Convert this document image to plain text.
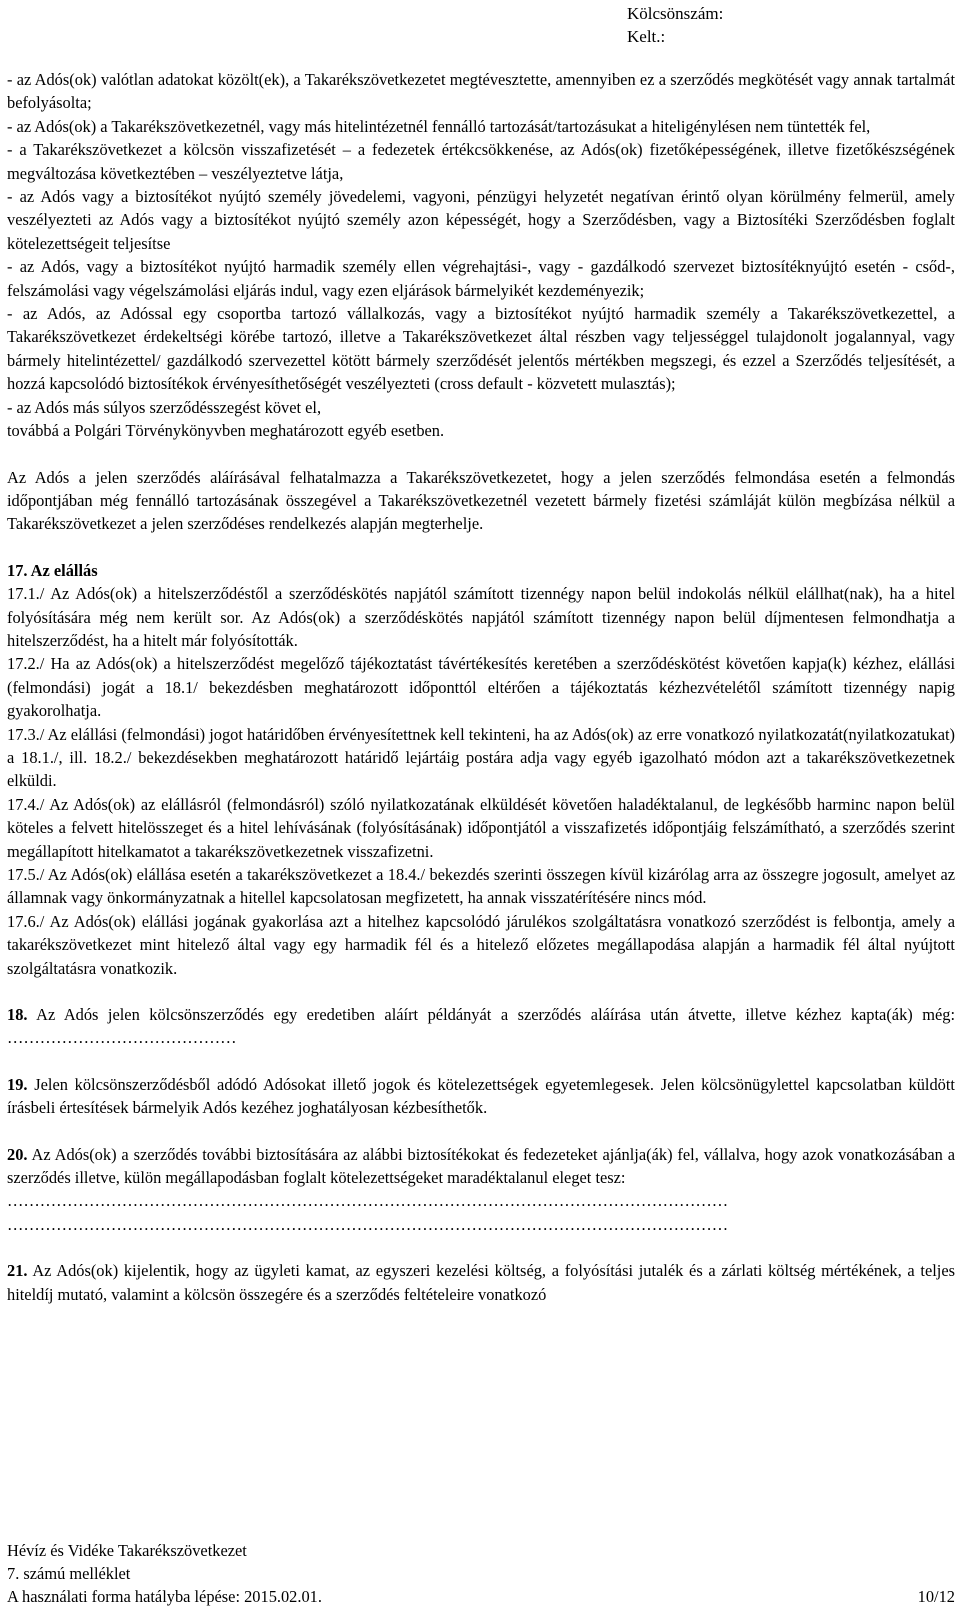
Kölcsönszám:
Kelt.:

- az Adós(ok) valótlan adatokat közölt(ek), a Takarékszövetkezetet megtévesztette, amennyiben ez a szerződés megkötését vagy annak tartalmát befolyásolta;

- az Adós(ok) a Takarékszövetkezetnél, vagy más hitelintézetnél fennálló tartozását/tartozásukat a hiteligénylésen nem tüntették fel,

- a Takarékszövetkezet a kölcsön visszafizetését – a fedezetek értékcsökkenése, az Adós(ok) fizetőképességének, illetve fizetőkészségének megváltozása következtében – veszélyeztetve látja,

- az Adós vagy a biztosítékot nyújtó személy jövedelemi, vagyoni, pénzügyi helyzetét negatívan érintő olyan körülmény felmerül, amely veszélyezteti az Adós vagy a biztosítékot nyújtó személy azon képességét, hogy a Szerződésben, vagy a Biztosítéki Szerződésben foglalt kötelezettségeit teljesítse

- az Adós, vagy a biztosítékot nyújtó harmadik személy ellen végrehajtási-, vagy - gazdálkodó szervezet biztosítéknyújtó esetén - csőd-, felszámolási vagy végelszámolási eljárás indul, vagy ezen eljárások bármelyikét kezdeményezik;

- az Adós, az Adóssal egy csoportba tartozó vállalkozás, vagy a biztosítékot nyújtó harmadik személy a Takarékszövetkezettel, a Takarékszövetkezet érdekeltségi körébe tartozó, illetve a Takarékszövetkezet által részben vagy teljességgel tulajdonolt jogalannyal, vagy bármely hitelintézettel/ gazdálkodó szervezettel kötött bármely szerződését jelentős mértékben megszegi, és ezzel a Szerződés teljesítését, a hozzá kapcsolódó biztosítékok érvényesíthetőségét veszélyezteti (cross default - közvetett mulasztás);

- az Adós más súlyos szerződésszegést követ el,

továbbá a Polgári Törvénykönyvben meghatározott egyéb esetben.

Az Adós a jelen szerződés aláírásával felhatalmazza a Takarékszövetkezetet, hogy a jelen szerződés felmondása esetén a felmondás időpontjában még fennálló tartozásának összegével a Takarékszövetkezetnél vezetett bármely fizetési számláját külön megbízása nélkül a Takarékszövetkezet a jelen szerződéses rendelkezés alapján megterhelje.

17. Az elállás

17.1./ Az Adós(ok) a hitelszerződéstől a szerződéskötés napjától számított tizennégy napon belül indokolás nélkül elállhat(nak), ha a hitel folyósítására még nem került sor. Az Adós(ok) a szerződéskötés napjától számított tizennégy napon belül díjmentesen felmondhatja a hitelszerződést, ha a hitelt már folyósították.

17.2./ Ha az Adós(ok) a hitelszerződést megelőző tájékoztatást távértékesítés keretében a szerződéskötést követően kapja(k) kézhez, elállási (felmondási) jogát a 18.1/ bekezdésben meghatározott időponttól eltérően a tájékoztatás kézhezvételétől számított tizennégy napig gyakorolhatja.

17.3./ Az elállási (felmondási) jogot határidőben érvényesítettnek kell tekinteni, ha az Adós(ok) az erre vonatkozó nyilatkozatát(nyilatkozatukat) a 18.1./, ill. 18.2./ bekezdésekben meghatározott határidő lejártáig postára adja vagy egyéb igazolható módon azt a takarékszövetkezetnek elküldi.

17.4./ Az Adós(ok) az elállásról (felmondásról) szóló nyilatkozatának elküldését követően haladéktalanul, de legkésőbb harminc napon belül köteles a felvett hitelösszeget és a hitel lehívásának (folyósításának) időpontjától a visszafizetés időpontjáig felszámítható, a szerződés szerint megállapított hitelkamatot a takarékszövetkezetnek visszafizetni.

17.5./ Az Adós(ok) elállása esetén a takarékszövetkezet a 18.4./ bekezdés szerinti összegen kívül kizárólag arra az összegre jogosult, amelyet az államnak vagy önkormányzatnak a hitellel kapcsolatosan megfizetett, ha annak visszatérítésére nincs mód.

17.6./ Az Adós(ok) elállási jogának gyakorlása azt a hitelhez kapcsolódó járulékos szolgáltatásra vonatkozó szerződést is felbontja, amely a takarékszövetkezet mint hitelező által vagy egy harmadik fél és a hitelező előzetes megállapodása alapján a harmadik fél által nyújtott szolgáltatásra vonatkozik.

18. Az Adós jelen kölcsönszerződés egy eredetiben aláírt példányát a szerződés aláírása után átvette, illetve kézhez kapta(ák) még: ……………………………………

19. Jelen kölcsönszerződésből adódó Adósokat illető jogok és kötelezettségek egyetemlegesek. Jelen kölcsönügylettel kapcsolatban küldött írásbeli értesítések bármelyik Adós kezéhez joghatályosan kézbesíthetők.

20. Az Adós(ok) a szerződés további biztosítására az alábbi biztosítékokat és fedezeteket ajánlja(ák) fel, vállalva, hogy azok vonatkozásában a szerződés illetve, külön megállapodásban foglalt kötelezettségeket maradéktalanul eleget tesz:

……………………………………………………………………………………………………………………

……………………………………………………………………………………………………………………

21. Az Adós(ok) kijelentik, hogy az ügyleti kamat, az egyszeri kezelési költség, a folyósítási jutalék és a zárlati költség mértékének, a teljes hiteldíj mutató, valamint a kölcsön összegére és a szerződés feltételeire vonatkozó

Hévíz és Vidéke Takarékszövetkezet
7. számú melléklet
A használati forma hatályba lépése: 2015.02.01.	10/12
